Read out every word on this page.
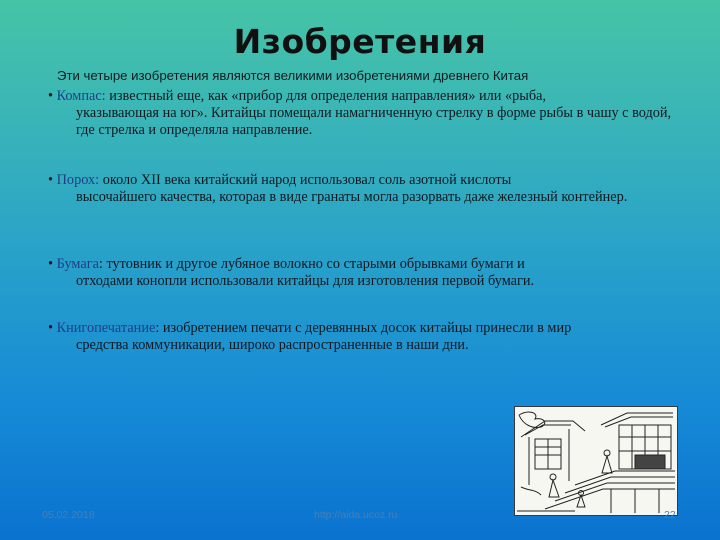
Изобретения
Эти четыре изобретения являются великими изобретениями древнего Китая
• Компас: известный еще, как «прибор для определения направления» или «рыба,
указывающая на юг». Китайцы помещали намагниченную стрелку в форме рыбы в чашу с водой, где стрелка и определяла направление.
• Порох: около XII века китайский народ использовал соль азотной кислоты
высочайшего качества, которая в виде гранаты могла разорвать даже железный контейнер.
• Бумага: тутовник и другое лубяное волокно со старыми обрывками бумаги и
отходами конопли использовали китайцы для изготовления первой бумаги.
• Книгопечатание: изобретением печати с деревянных досок китайцы принесли в мир
средства коммуникации, широко распространенные в наши дни.
05.02.2018	http://aida.ucoz.ru	22
